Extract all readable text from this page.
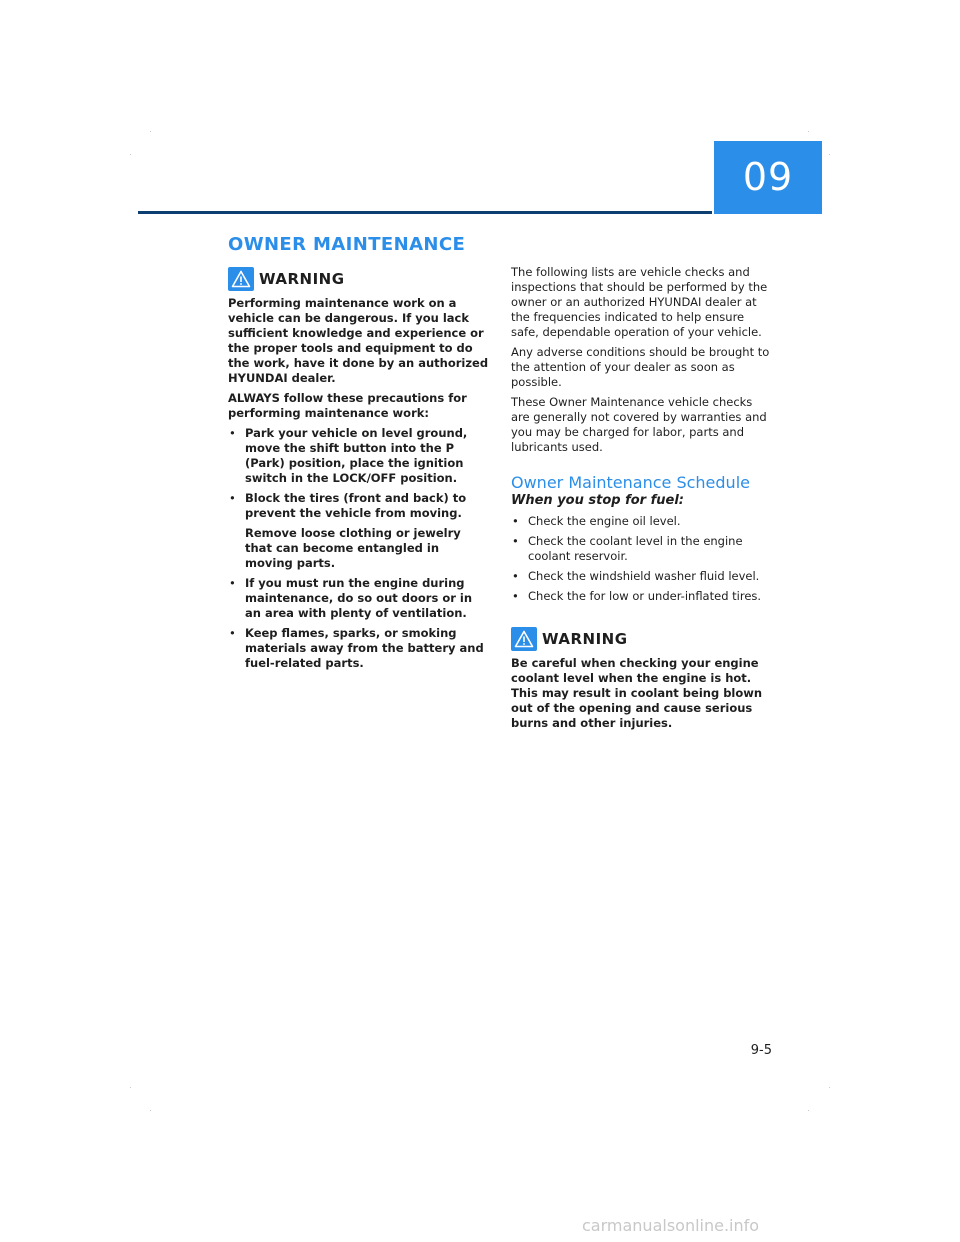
09
OWNER MAINTENANCE
WARNING

Performing maintenance work on a vehicle can be dangerous. If you lack sufficient knowledge and experience or the proper tools and equipment to do the work, have it done by an authorized HYUNDAI dealer.

ALWAYS follow these precautions for performing maintenance work:

• Park your vehicle on level ground, move the shift button into the P (Park) position, place the ignition switch in the LOCK/OFF position.
• Block the tires (front and back) to prevent the vehicle from moving.
Remove loose clothing or jewelry that can become entangled in moving parts.
• If you must run the engine during maintenance, do so out doors or in an area with plenty of ventilation.
• Keep flames, sparks, or smoking materials away from the battery and fuel-related parts.

The following lists are vehicle checks and inspections that should be performed by the owner or an authorized HYUNDAI dealer at the frequencies indicated to help ensure safe, dependable operation of your vehicle.

Any adverse conditions should be brought to the attention of your dealer as soon as possible.

These Owner Maintenance vehicle checks are generally not covered by warranties and you may be charged for labor, parts and lubricants used.

Owner Maintenance Schedule
When you stop for fuel:
• Check the engine oil level.
• Check the coolant level in the engine coolant reservoir.
• Check the windshield washer fluid level.
• Check the for low or under-inflated tires.
WARNING

Be careful when checking your engine coolant level when the engine is hot. This may result in coolant being blown out of the opening and cause serious burns and other injuries.

9-5
carmanualsonline.info
